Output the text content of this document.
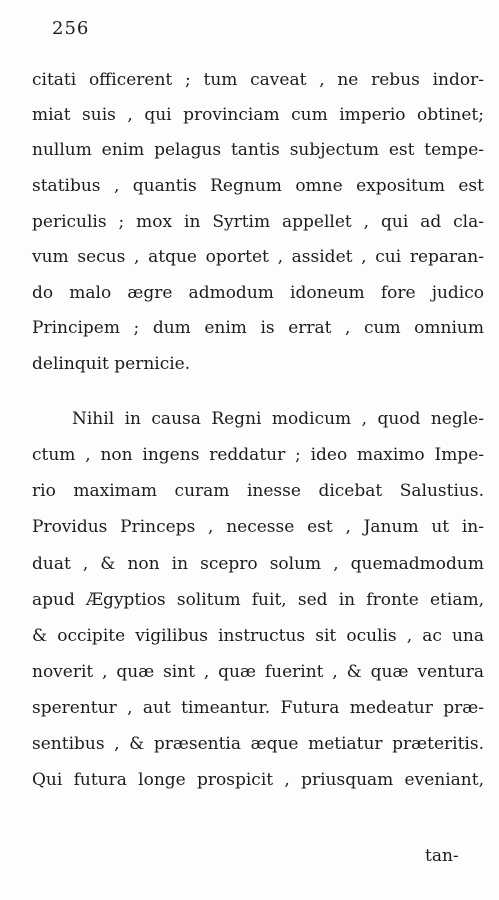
256
citati officerent ; tum caveat , ne rebus indor-
miat suis , qui provinciam cum imperio obtinet;
nullum enim pelagus tantis subjectum est tempe-
statibus , quantis Regnum omne expositum est
periculis ; mox in Syrtim appellet , qui ad cla-
vum secus , atque oportet , assidet , cui reparan-
do malo ægre admodum idoneum fore judico
Principem ; dum enim is errat , cum omnium
delinquit pernicie.
Nihil in causa Regni modicum , quod negle-
ctum , non ingens reddatur ; ideo maximo Impe-
rio maximam curam inesse dicebat Salustius.
Providus Princeps , necesse est , Janum ut in-
duat , & non in scepro solum , quemadmodum
apud Ægyptios solitum fuit, sed in fronte etiam,
& occipite vigilibus instructus sit oculis , ac una
noverit , quæ sint , quæ fuerint , & quæ ventura
sperentur , aut timeantur. Futura medeatur præ-
sentibus , & præsentia æque metiatur præteritis.
Qui futura longe prospicit , priusquam eveniant,
tan-
